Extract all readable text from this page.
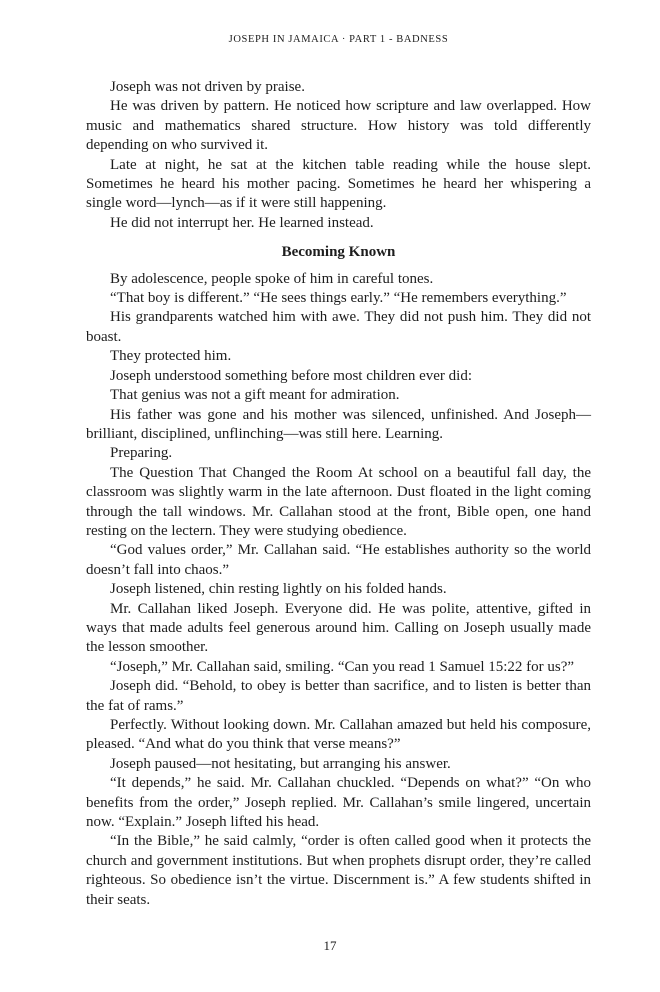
JOSEPH IN JAMAICA · PART 1 - BADNESS

Joseph was not driven by praise.

He was driven by pattern. He noticed how scripture and law overlapped. How music and mathematics shared structure. How history was told differently depending on who survived it.

Late at night, he sat at the kitchen table reading while the house slept. Sometimes he heard his mother pacing. Sometimes he heard her whispering a single word—lynch—as if it were still happening.

He did not interrupt her. He learned instead.

Becoming Known

By adolescence, people spoke of him in careful tones.

“That boy is different.” “He sees things early.” “He remembers everything.”

His grandparents watched him with awe. They did not push him. They did not boast.

They protected him.

Joseph understood something before most children ever did:

That genius was not a gift meant for admiration.

His father was gone and his mother was silenced, unfinished. And Joseph—brilliant, disciplined, unflinching—was still here. Learning.

Preparing.

The Question That Changed the Room At school on a beautiful fall day, the classroom was slightly warm in the late afternoon. Dust floated in the light coming through the tall windows. Mr. Callahan stood at the front, Bible open, one hand resting on the lectern. They were studying obedience.

“God values order,” Mr. Callahan said. “He establishes authority so the world doesn’t fall into chaos.”

Joseph listened, chin resting lightly on his folded hands.

Mr. Callahan liked Joseph. Everyone did. He was polite, attentive, gifted in ways that made adults feel generous around him. Calling on Joseph usually made the lesson smoother.

“Joseph,” Mr. Callahan said, smiling. “Can you read 1 Samuel 15:22 for us?”

Joseph did. “Behold, to obey is better than sacrifice, and to listen is better than the fat of rams.”

Perfectly. Without looking down. Mr. Callahan amazed but held his composure, pleased. “And what do you think that verse means?”

Joseph paused—not hesitating, but arranging his answer.

“It depends,” he said. Mr. Callahan chuckled. “Depends on what?” “On who benefits from the order,” Joseph replied. Mr. Callahan’s smile lingered, uncertain now. “Explain.” Joseph lifted his head.

“In the Bible,” he said calmly, “order is often called good when it protects the church and government institutions. But when prophets disrupt order, they’re called righteous. So obedience isn’t the virtue. Discernment is.” A few students shifted in their seats.

17
